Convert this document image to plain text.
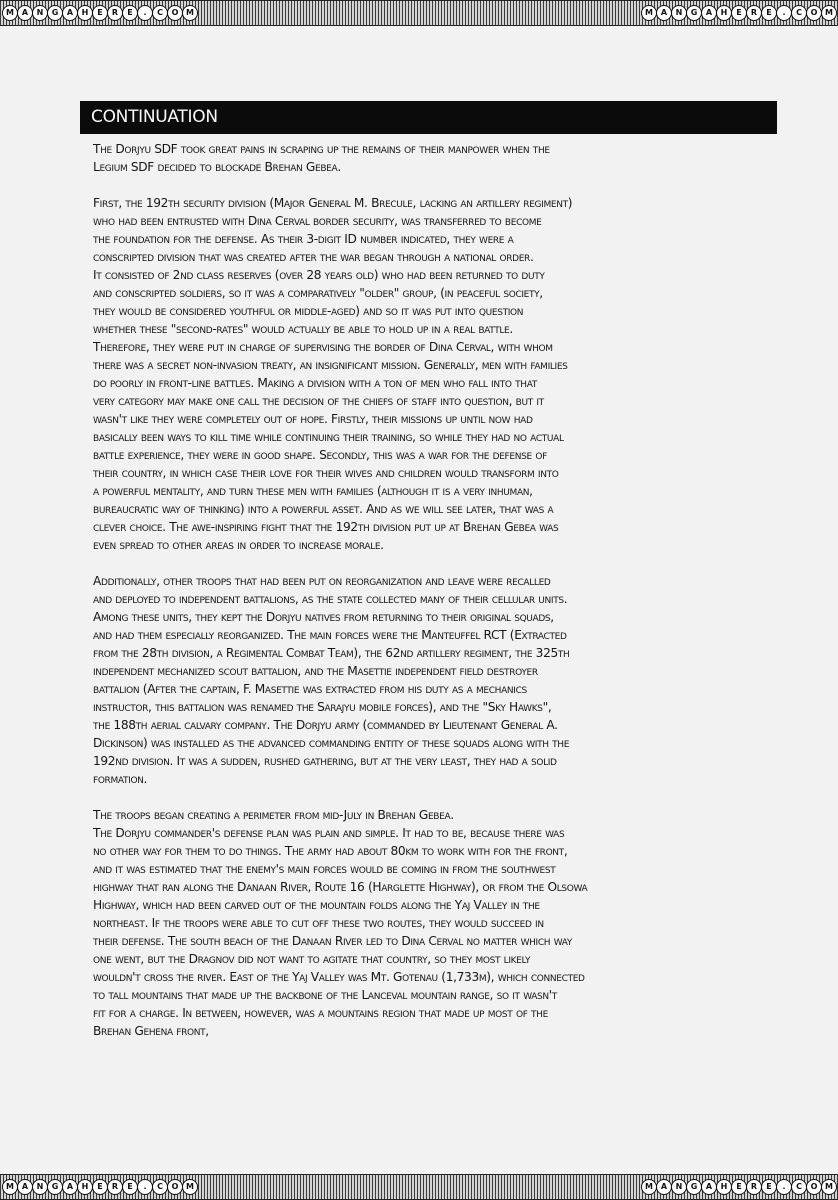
M A	N	G	A	H	E	R	E	.	C	O M	M A	N	G	A	H	E	R	E	.	C	O M
CONTINUATION
The Dorjyu SDF took great pains in scraping up the remains of their manpower when the
Legium SDF decided to blockade Brehan Gebea.
First, the 192th security division (Major General M. Brecule, lacking an artillery regiment)
who had been entrusted with Dina Cerval border security, was transferred to become
the foundation for the defense. As their 3-digit ID number indicated, they were a
conscripted division that was created after the war began through a national order.
It consisted of 2nd class reserves (over 28 years old) who had been returned to duty
and conscripted soldiers, so it was a comparatively "older" group, (in peaceful society,
they would be considered youthful or middle-aged) and so it was put into question
whether these "second-rates" would actually be able to hold up in a real battle.
Therefore, they were put in charge of supervising the border of Dina Cerval, with whom
there was a secret non-invasion treaty, an insignificant mission. Generally, men with families
do poorly in front-line battles. Making a division with a ton of men who fall into that
very category may make one call the decision of the chiefs of staff into question, but it
wasn't like they were completely out of hope. Firstly, their missions up until now had
basically been ways to kill time while continuing their training, so while they had no actual
battle experience, they were in good shape. Secondly, this was a war for the defense of
their country, in which case their love for their wives and children would transform into
a powerful mentality, and turn these men with families (although it is a very inhuman,
bureaucratic way of thinking) into a powerful asset. And as we will see later, that was a
clever choice. The awe-inspiring fight that the 192th division put up at Brehan Gebea was
even spread to other areas in order to increase morale.
Additionally, other troops that had been put on reorganization and leave were recalled
and deployed to independent battalions, as the state collected many of their cellular units.
Among these units, they kept the Dorjyu natives from returning to their original squads,
and had them especially reorganized. The main forces were the Manteuffel RCT (Extracted
from the 28th division, a Regimental Combat Team), the 62nd artillery regiment, the 325th
independent mechanized scout battalion, and the Masettie independent field destroyer
battalion (After the captain, F. Masettie was extracted from his duty as a mechanics
instructor, this battalion was renamed the Sarajyu mobile forces), and the "Sky Hawks",
the 188th aerial calvary company. The Dorjyu army (commanded by Lieutenant General A.
Dickinson) was installed as the advanced commanding entity of these squads along with the
192nd division. It was a sudden, rushed gathering, but at the very least, they had a solid
formation.
The troops began creating a perimeter from mid-July in Brehan Gebea.
The Dorjyu commander's defense plan was plain and simple. It had to be, because there was
no other way for them to do things. The army had about 80km to work with for the front,
and it was estimated that the enemy's main forces would be coming in from the southwest
highway that ran along the Danaan River, Route 16 (Harglette Highway), or from the Olsowa
Highway, which had been carved out of the mountain folds along the Yaj Valley in the
northeast. If the troops were able to cut off these two routes, they would succeed in
their defense. The south beach of the Danaan River led to Dina Cerval no matter which way
one went, but the Dragnov did not want to agitate that country, so they most likely
wouldn't cross the river. East of the Yaj Valley was Mt. Gotenau (1,733m), which connected
to tall mountains that made up the backbone of the Lanceval mountain range, so it wasn't
fit for a charge. In between, however, was a mountains region that made up most of the
Brehan Gehena front,
M A	N	G	A	H	E	R	E	.	C	O M	M A	N	G	A	H	E	R	E	.	C	O M
